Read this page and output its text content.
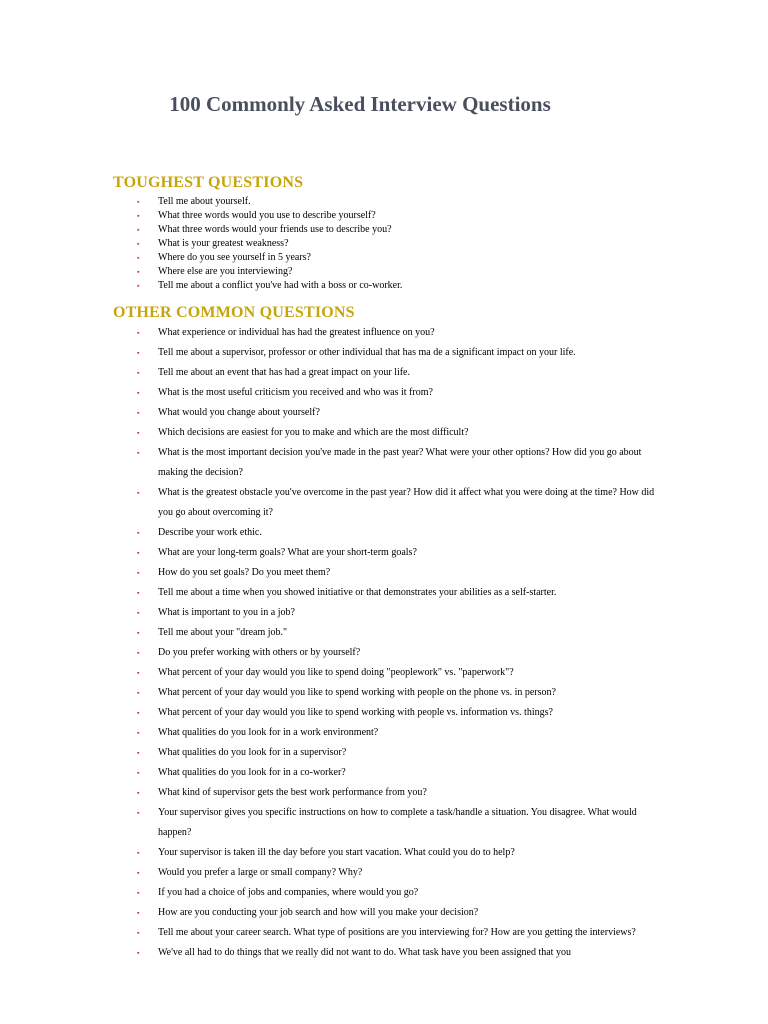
100 Commonly Asked Interview Questions
TOUGHEST QUESTIONS
▪ Tell me about yourself.
▪ What three words would you use to describe yourself?
▪ What three words would your friends use to describe you?
▪ What is your greatest weakness?
▪ Where do you see yourself in 5 years?
▪ Where else are you interviewing?
▪ Tell me about a conflict you've had with a boss or co-worker.
OTHER COMMON QUESTIONS
▪ What experience or individual has had the greatest influence on you?
▪ Tell me about a supervisor, professor or other individual that has ma de a significant impact on your life.
▪ Tell me about an event that has had a great impact on your life.
▪ What is the most useful criticism you received and who was it from?
▪ What would you change about yourself?
▪ Which decisions are easiest for you to make and which are the most difficult?
▪ What is the most important decision you've made in the past year? What were your other options? How did you go about making the decision?
▪ What is the greatest obstacle you've overcome in the past year? How did it affect what you were doing at the time? How did you go about overcoming it?
▪ Describe your work ethic.
▪ What are your long-term goals? What are your short-term goals?
▪ How do you set goals? Do you meet them?
▪ Tell me about a time when you showed initiative or that demonstrates your abilities as a self-starter.
▪ What is important to you in a job?
▪ Tell me about your "dream job."
▪ Do you prefer working with others or by yourself?
▪ What percent of your day would you like to spend doing "peoplework" vs. "paperwork"?
▪ What percent of your day would you like to spend working with people on the phone vs. in person?
▪ What percent of your day would you like to spend working with people vs. information vs. things?
▪ What qualities do you look for in a work environment?
▪ What qualities do you look for in a supervisor?
▪ What qualities do you look for in a co-worker?
▪ What kind of supervisor gets the best work performance from you?
▪ Your supervisor gives you specific instructions on how to complete a task/handle a situation. You disagree. What would happen?
▪ Your supervisor is taken ill the day before you start vacation. What could you do to help?
▪ Would you prefer a large or small company? Why?
▪ If you had a choice of jobs and companies, where would you go?
▪ How are you conducting your job search and how will you make your decision?
▪ Tell me about your career search. What type of positions are you interviewing for? How are you getting the interviews?
▪ We've all had to do things that we really did not want to do. What task have you been assigned that you
